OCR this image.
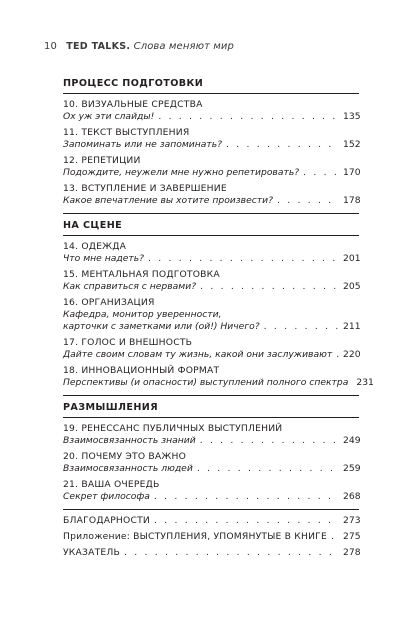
10 TED TALKS. Слова меняют мир
ПРОЦЕСС ПОДГОТОВКИ
10. ВИЗУАЛЬНЫЕ СРЕДСТВА
Ох уж эти слайды! . . .	135
11. ТЕКСТ ВЫСТУПЛЕНИЯ
Запоминать или не запоминать? . . .	152
12. РЕПЕТИЦИИ
Подождите, неужели мне нужно репетировать? . . .	170
13. ВСТУПЛЕНИЕ И ЗАВЕРШЕНИЕ
Какое впечатление вы хотите произвести? . . .	178
НА СЦЕНЕ
14. ОДЕЖДА
Что мне надеть? . . .	201
15. МЕНТАЛЬНАЯ ПОДГОТОВКА
Как справиться с нервами? . . .	205
16. ОРГАНИЗАЦИЯ
Кафедра, монитор уверенности,
карточки с заметками или (ой!) Ничего? . . .	211
17. ГОЛОС И ВНЕШНОСТЬ
Дайте своим словам ту жизнь, какой они заслуживают . . . 220
18. ИННОВАЦИОННЫЙ ФОРМАТ
Перспективы (и опасности) выступлений полного спектра 231
РАЗМЫШЛЕНИЯ
19. РЕНЕССАНС ПУБЛИЧНЫХ ВЫСТУПЛЕНИЙ
Взаимосвязанность знаний . . .	249
20. ПОЧЕМУ ЭТО ВАЖНО
Взаимосвязанность людей . . .	259
21. ВАША ОЧЕРЕДЬ
Секрет философа . . .	268
БЛАГОДАРНОСТИ . . .	273
Приложение: ВЫСТУПЛЕНИЯ, УПОМЯНУТЫЕ В КНИГЕ . . . 275
УКАЗАТЕЛЬ . . .	278
